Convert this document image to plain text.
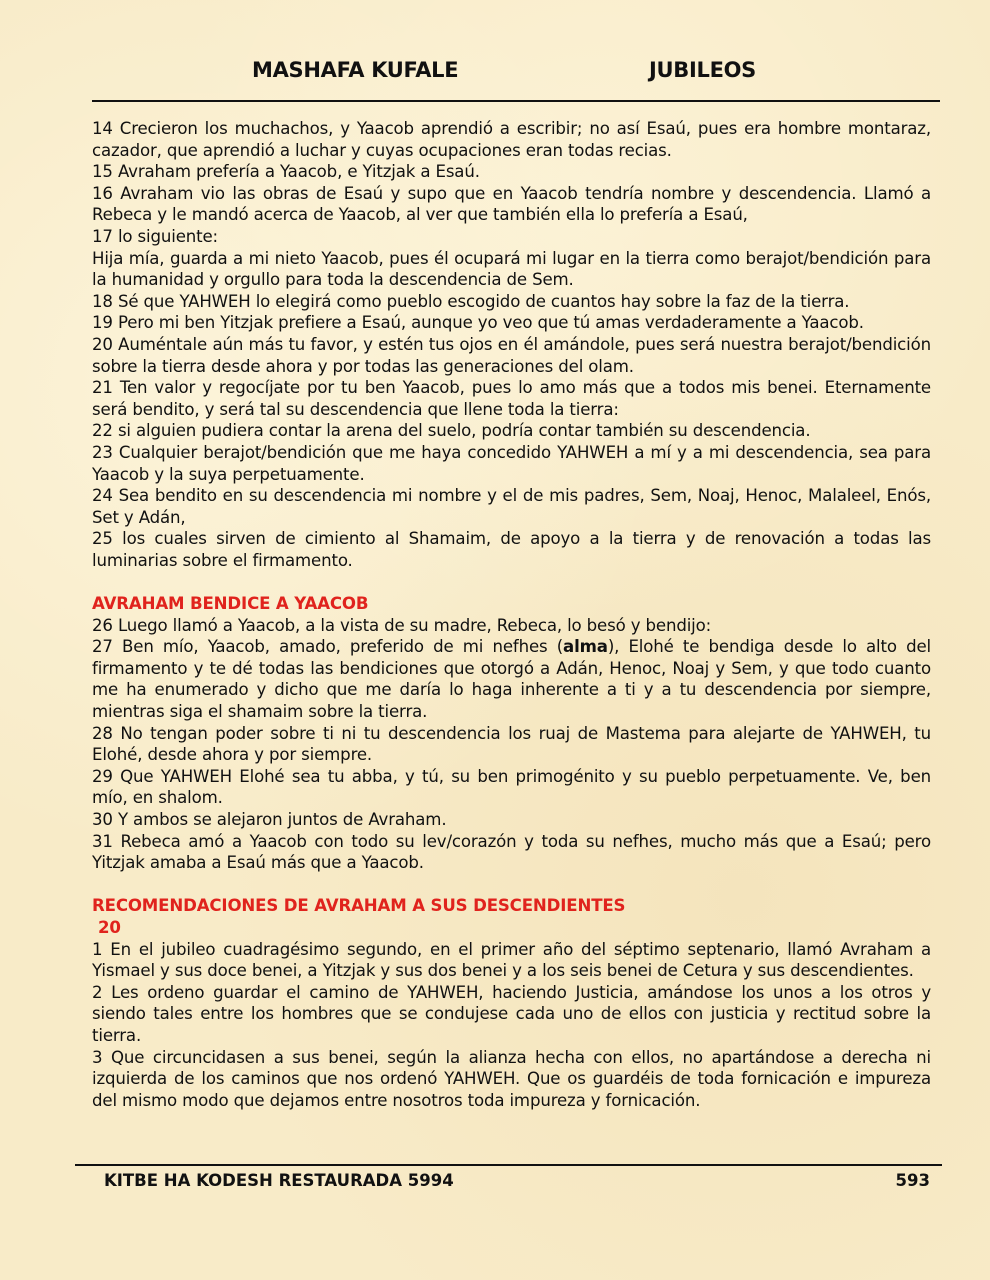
MASHAFA KUFALE	JUBILEOS

14 Crecieron los muchachos, y Yaacob aprendió a escribir; no así Esaú, pues era hombre montaraz, cazador, que aprendió a luchar y cuyas ocupaciones eran todas recias.

15 Avraham prefería a Yaacob, e Yitzjak a Esaú.

16 Avraham vio las obras de Esaú y supo que en Yaacob tendría nombre y descendencia. Llamó a Rebeca y le mandó acerca de Yaacob, al ver que también ella lo prefería a Esaú,

17 lo siguiente:

Hija mía, guarda a mi nieto Yaacob, pues él ocupará mi lugar en la tierra como berajot/bendición para la humanidad y orgullo para toda la descendencia de Sem.

18 Sé que YAHWEH lo elegirá como pueblo escogido de cuantos hay sobre la faz de la tierra.

19 Pero mi ben Yitzjak prefiere a Esaú, aunque yo veo que tú amas verdaderamente a Yaacob.

20 Auméntale aún más tu favor, y estén tus ojos en él amándole, pues será nuestra berajot/bendición sobre la tierra desde ahora y por todas las generaciones del olam.

21 Ten valor y regocíjate por tu ben Yaacob, pues lo amo más que a todos mis benei. Eternamente será bendito, y será tal su descendencia que llene toda la tierra:

22 si alguien pudiera contar la arena del suelo, podría contar también su descendencia.

23 Cualquier berajot/bendición que me haya concedido YAHWEH a mí y a mi descendencia, sea para Yaacob y la suya perpetuamente.

24 Sea bendito en su descendencia mi nombre y el de mis padres, Sem, Noaj, Henoc, Malaleel, Enós, Set y Adán,

25 los cuales sirven de cimiento al Shamaim, de apoyo a la tierra y de renovación a todas las luminarias sobre el firmamento.

AVRAHAM BENDICE A YAACOB

26 Luego llamó a Yaacob, a la vista de su madre, Rebeca, lo besó y bendijo:

27 Ben mío, Yaacob, amado, preferido de mi nefhes (alma), Elohé te bendiga desde lo alto del firmamento y te dé todas las bendiciones que otorgó a Adán, Henoc, Noaj y Sem, y que todo cuanto me ha enumerado y dicho que me daría lo haga inherente a ti y a tu descendencia por siempre, mientras siga el shamaim sobre la tierra.

28 No tengan poder sobre ti ni tu descendencia los ruaj de Mastema para alejarte de YAHWEH, tu Elohé, desde ahora y por siempre.

29 Que YAHWEH Elohé sea tu abba, y tú, su ben primogénito y su pueblo perpetuamente. Ve, ben mío, en shalom.

30 Y ambos se alejaron juntos de Avraham.

31 Rebeca amó a Yaacob con todo su lev/corazón y toda su nefhes, mucho más que a Esaú; pero Yitzjak amaba a Esaú más que a Yaacob.

RECOMENDACIONES DE AVRAHAM A SUS DESCENDIENTES

20

1 En el jubileo cuadragésimo segundo, en el primer año del séptimo septenario, llamó Avraham a Yismael y sus doce benei, a Yitzjak y sus dos benei y a los seis benei de Cetura y sus descendientes.

2 Les ordeno guardar el camino de YAHWEH, haciendo Justicia, amándose los unos a los otros y siendo tales entre los hombres que se condujese cada uno de ellos con justicia y rectitud sobre la tierra.

3 Que circuncidasen a sus benei, según la alianza hecha con ellos, no apartándose a derecha ni izquierda de los caminos que nos ordenó YAHWEH. Que os guardéis de toda fornicación e impureza del mismo modo que dejamos entre nosotros toda impureza y fornicación.

KITBE HA KODESH RESTAURADA 5994	593
